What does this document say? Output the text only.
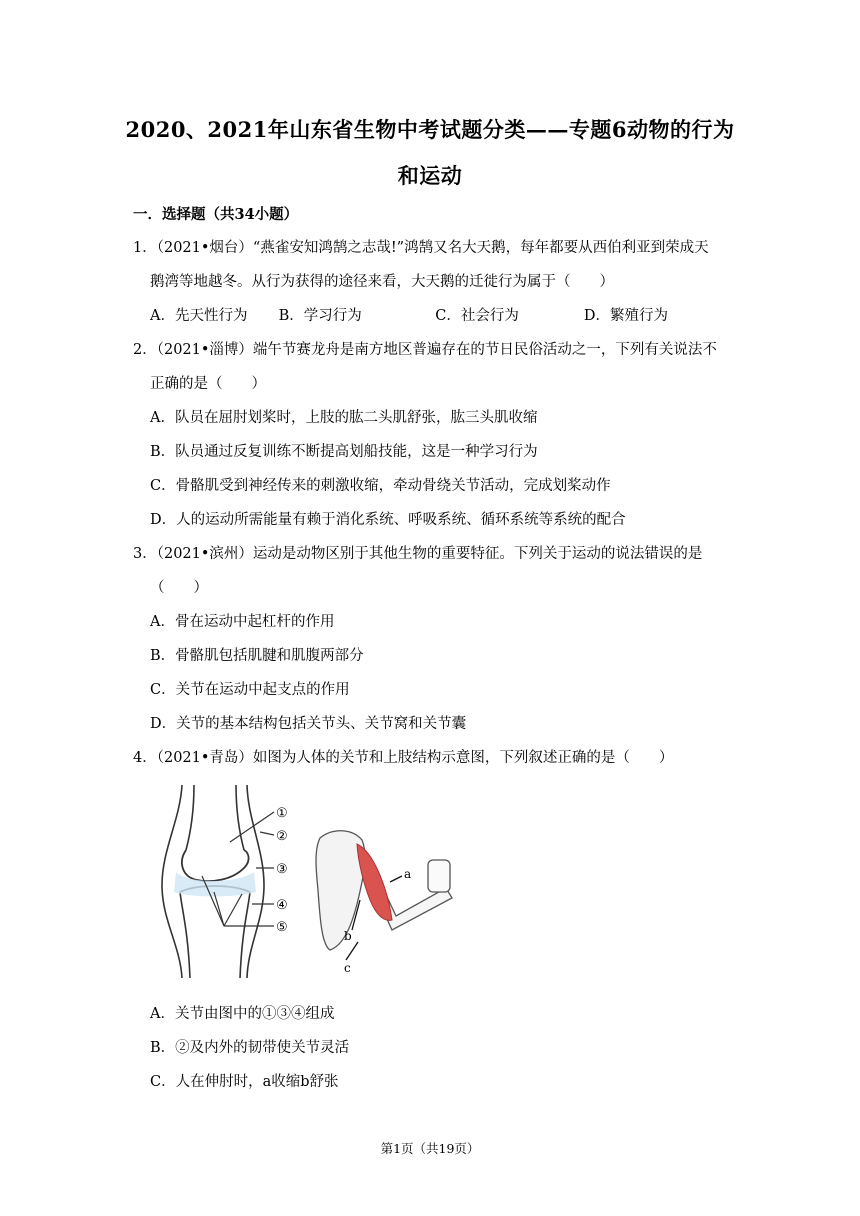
2020、2021年山东省生物中考试题分类——专题6动物的行为
和运动
一．选择题（共34小题）
1．（2021•烟台）“燕雀安知鸿鹄之志哉!”鸿鹄又名大天鹅，每年都要从西伯利亚到荣成天
鹅湾等地越冬。从行为获得的途径来看，大天鹅的迁徙行为属于（　　）
A．先天性行为 B．学习行为	C．社会行为	D．繁殖行为
2．（2021•淄博）端午节赛龙舟是南方地区普遍存在的节日民俗活动之一，下列有关说法不
正确的是（　　）
A．队员在屈肘划桨时，上肢的肱二头肌舒张，肱三头肌收缩
B．队员通过反复训练不断提高划船技能，这是一种学习行为
C．骨骼肌受到神经传来的刺激收缩，牵动骨绕关节活动，完成划桨动作
D．人的运动所需能量有赖于消化系统、呼吸系统、循环系统等系统的配合
3．（2021•滨州）运动是动物区别于其他生物的重要特征。下列关于运动的说法错误的是
（　　）
A．骨在运动中起杠杆的作用
B．骨骼肌包括肌腱和肌腹两部分
C．关节在运动中起支点的作用
D．关节的基本结构包括关节头、关节窝和关节囊
4．（2021•青岛）如图为人体的关节和上肢结构示意图，下列叙述正确的是（　　）
①
②
③
④
⑤
a
b
c
A．关节由图中的①③④组成
B．②及内外的韧带使关节灵活
C．人在伸肘时，a收缩b舒张
第1页（共19页）
